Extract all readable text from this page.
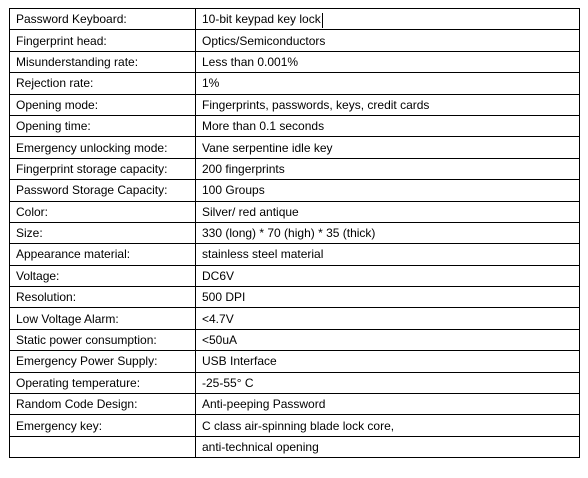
Password Keyboard:	10-bit keypad key lock
Fingerprint head:	Optics/Semiconductors
Misunderstanding rate:	Less than 0.001%
Rejection rate:	1%
Opening mode:	Fingerprints, passwords, keys, credit cards
Opening time:	More than 0.1 seconds
Emergency unlocking mode:	Vane serpentine idle key
Fingerprint storage capacity:	200 fingerprints
Password Storage Capacity:	100 Groups
Color:	Silver/ red antique
Size:	330 (long) * 70 (high) * 35 (thick)
Appearance material:	stainless steel material
Voltage:	DC6V
Resolution:	500 DPI
Low Voltage Alarm:	<4.7V
Static power consumption:	<50uA
Emergency Power Supply:	USB Interface
Operating temperature:	-25-55° C
Random Code Design:	Anti-peeping Password
Emergency key:	C class air-spinning blade lock core,
	anti-technical opening
